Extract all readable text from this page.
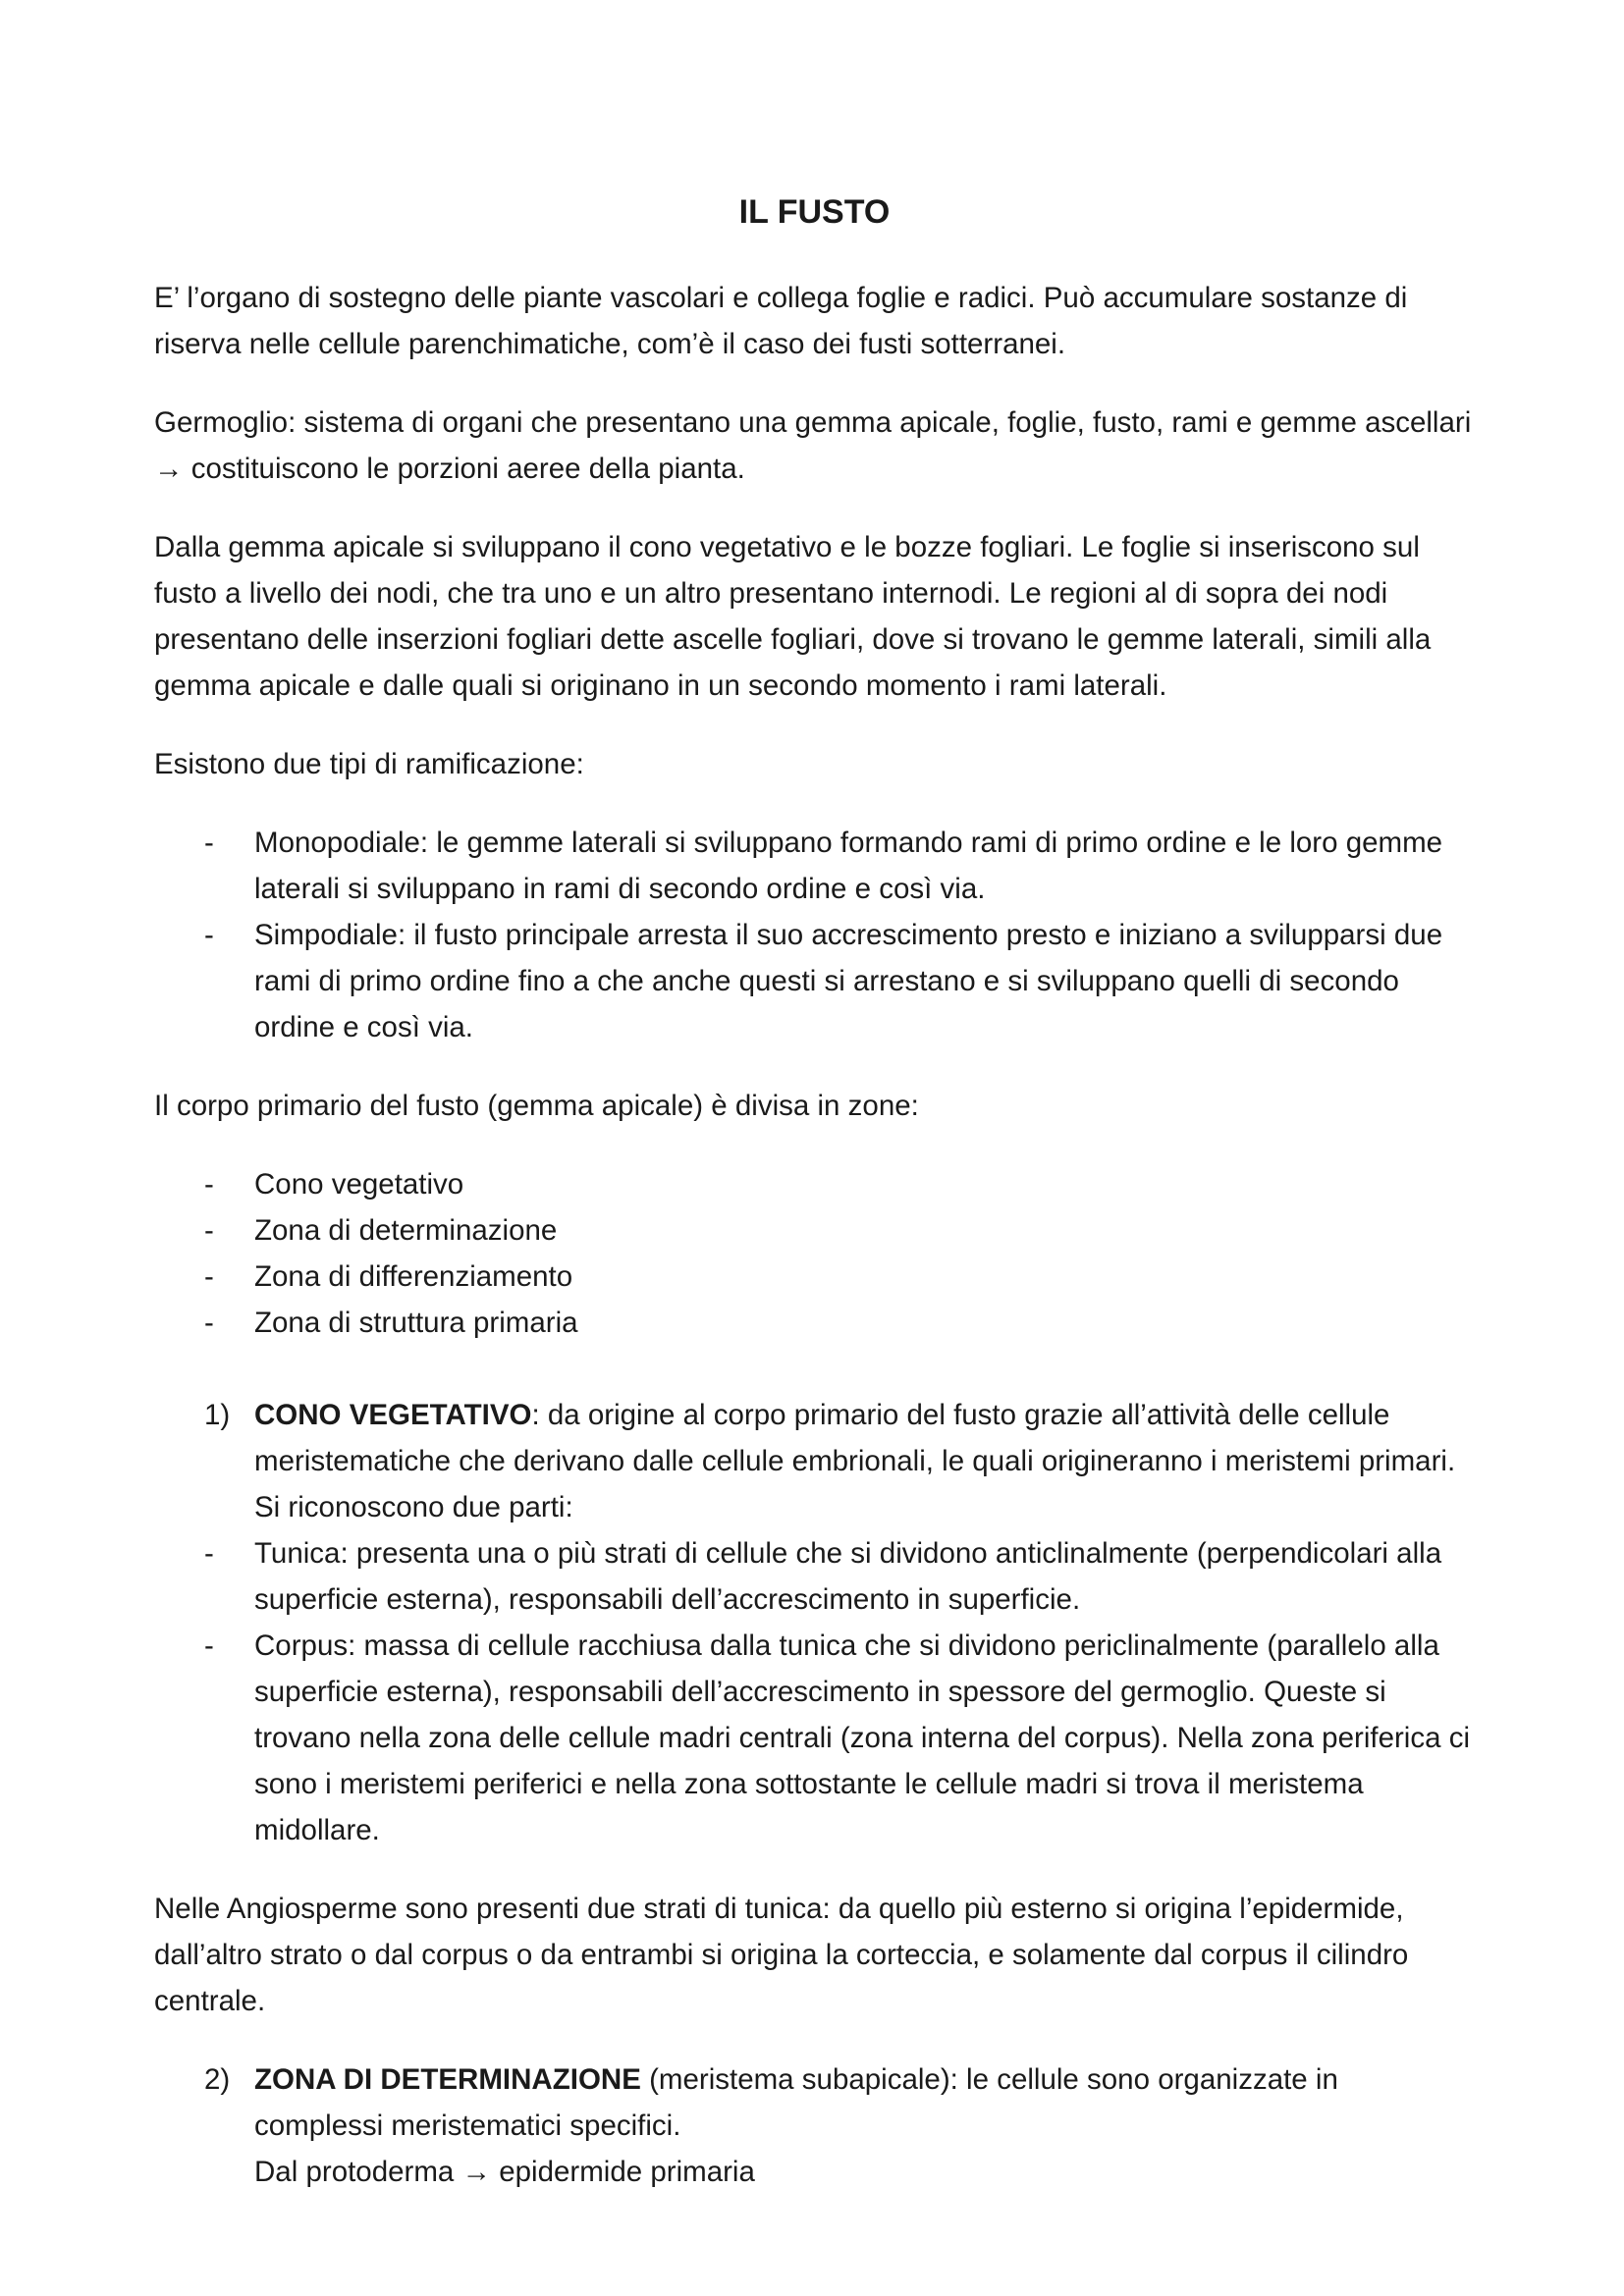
IL FUSTO

E’ l’organo di sostegno delle piante vascolari e collega foglie e radici. Può accumulare sostanze di riserva nelle cellule parenchimatiche, com’è il caso dei fusti sotterranei.

Germoglio: sistema di organi che presentano una gemma apicale, foglie, fusto, rami e gemme ascellari → costituiscono le porzioni aeree della pianta.

Dalla gemma apicale si sviluppano il cono vegetativo e le bozze fogliari. Le foglie si inseriscono sul fusto a livello dei nodi, che tra uno e un altro presentano internodi. Le regioni al di sopra dei nodi presentano delle inserzioni fogliari dette ascelle fogliari, dove si trovano le gemme laterali, simili alla gemma apicale e dalle quali si originano in un secondo momento i rami laterali.

Esistono due tipi di ramificazione:

- Monopodiale: le gemme laterali si sviluppano formando rami di primo ordine e le loro gemme laterali si sviluppano in rami di secondo ordine e così via.
- Simpodiale: il fusto principale arresta il suo accrescimento presto e iniziano a svilupparsi due rami di primo ordine fino a che anche questi si arrestano e si sviluppano quelli di secondo ordine e così via.

Il corpo primario del fusto (gemma apicale) è divisa in zone:

- Cono vegetativo
- Zona di determinazione
- Zona di differenziamento
- Zona di struttura primaria
1) CONO VEGETATIVO: da origine al corpo primario del fusto grazie all’attività delle cellule meristematiche che derivano dalle cellule embrionali, le quali origineranno i meristemi primari. Si riconoscono due parti:
- Tunica: presenta una o più strati di cellule che si dividono anticlinalmente (perpendicolari alla superficie esterna), responsabili dell’accrescimento in superficie.
- Corpus: massa di cellule racchiusa dalla tunica che si dividono periclinalmente (parallelo alla superficie esterna), responsabili dell’accrescimento in spessore del germoglio. Queste si trovano nella zona delle cellule madri centrali (zona interna del corpus). Nella zona periferica ci sono i meristemi periferici e nella zona sottostante le cellule madri si trova il meristema midollare.

Nelle Angiosperme sono presenti due strati di tunica: da quello più esterno si origina l’epidermide, dall’altro strato o dal corpus o da entrambi si origina la corteccia, e solamente dal corpus il cilindro centrale.

2) ZONA DI DETERMINAZIONE (meristema subapicale): le cellule sono organizzate in complessi meristematici specifici.
Dal protoderma → epidermide primaria
